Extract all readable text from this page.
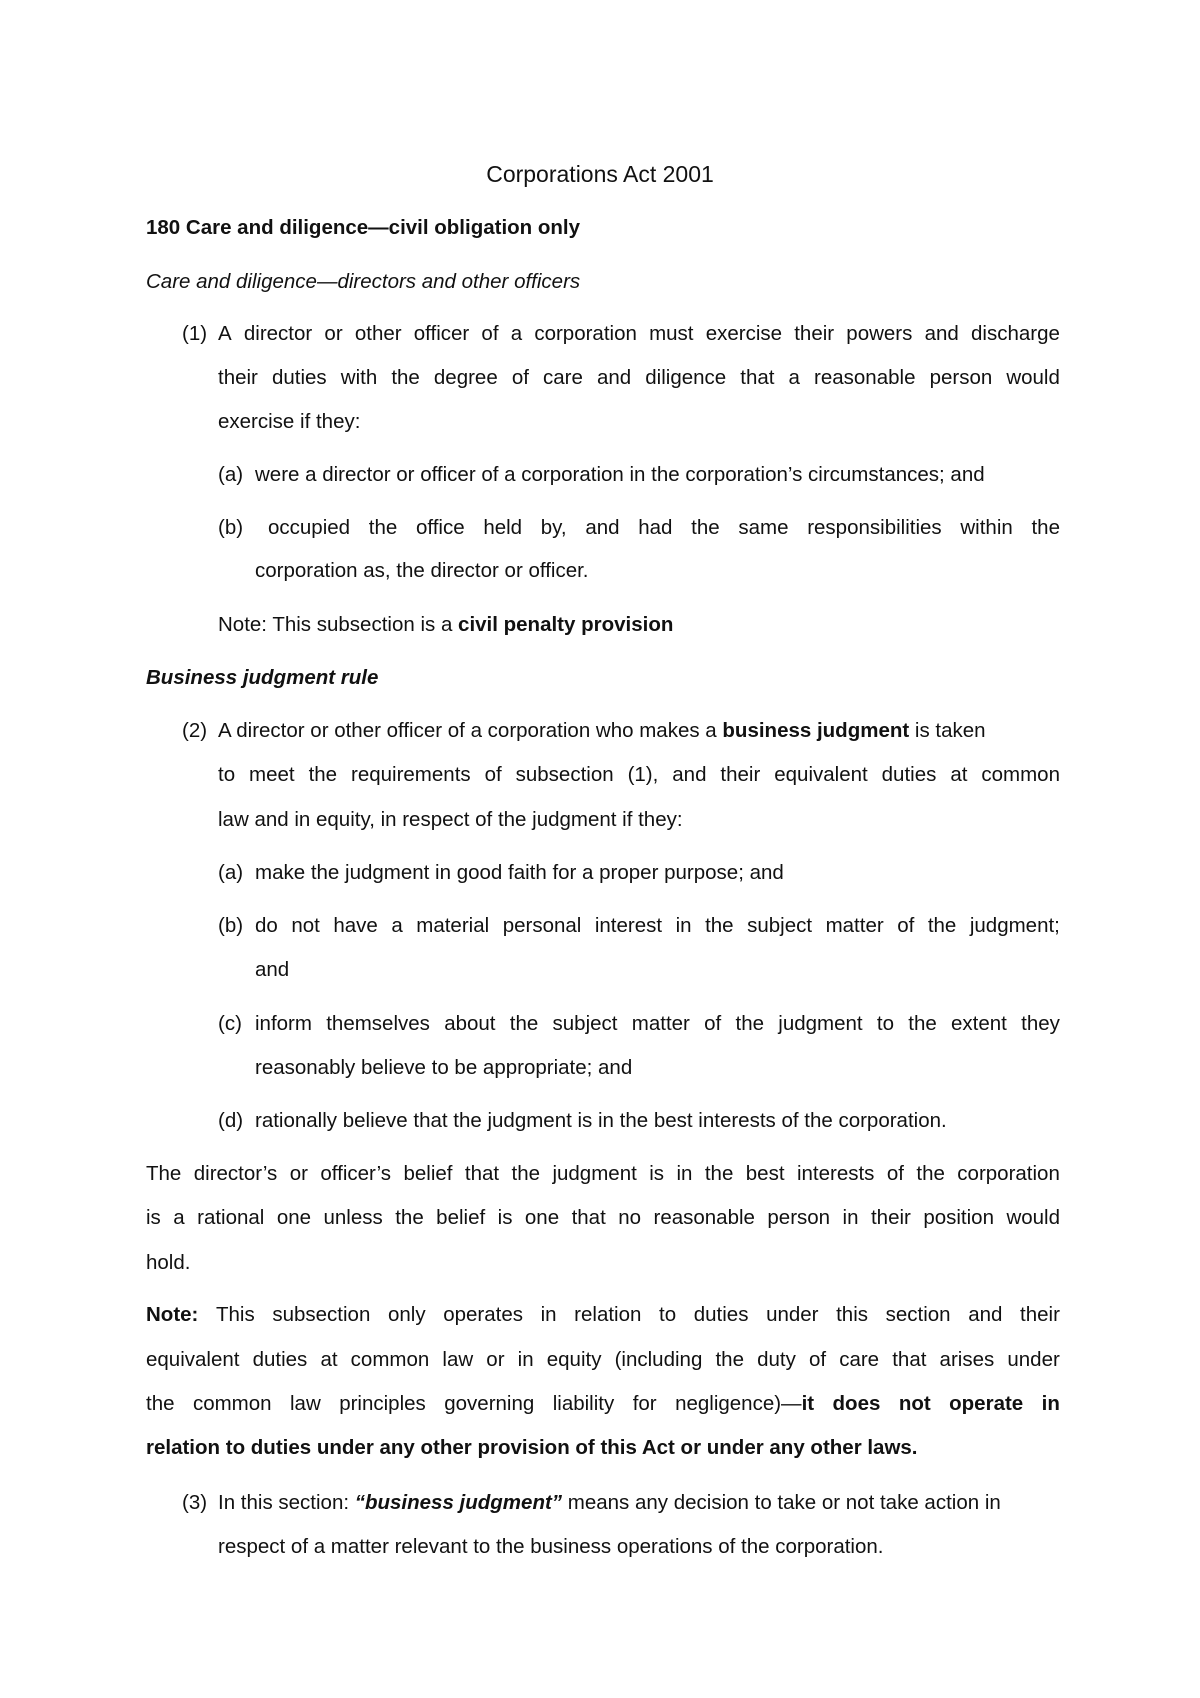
Corporations Act 2001
180 Care and diligence—civil obligation only
Care and diligence—directors and other officers
(1) A director or other officer of a corporation must exercise their powers and discharge
their duties with the degree of care and diligence that a reasonable person would
exercise if they:
(a) were a director or officer of a corporation in the corporation’s circumstances; and
(b) occupied the office held by, and had the same responsibilities within the
corporation as, the director or officer.
Note: This subsection is a civil penalty provision
Business judgment rule
(2) A director or other officer of a corporation who makes a business judgment is taken
to meet the requirements of subsection (1), and their equivalent duties at common
law and in equity, in respect of the judgment if they:
(a) make the judgment in good faith for a proper purpose; and
(b) do not have a material personal interest in the subject matter of the judgment;
and
(c) inform themselves about the subject matter of the judgment to the extent they
reasonably believe to be appropriate; and
(d) rationally believe that the judgment is in the best interests of the corporation.
The director’s or officer’s belief that the judgment is in the best interests of the corporation
is a rational one unless the belief is one that no reasonable person in their position would
hold.
Note: This subsection only operates in relation to duties under this section and their
equivalent duties at common law or in equity (including the duty of care that arises under
the common law principles governing liability for negligence)—it does not operate in
relation to duties under any other provision of this Act or under any other laws.
(3) In this section: “business judgment” means any decision to take or not take action in
respect of a matter relevant to the business operations of the corporation.
